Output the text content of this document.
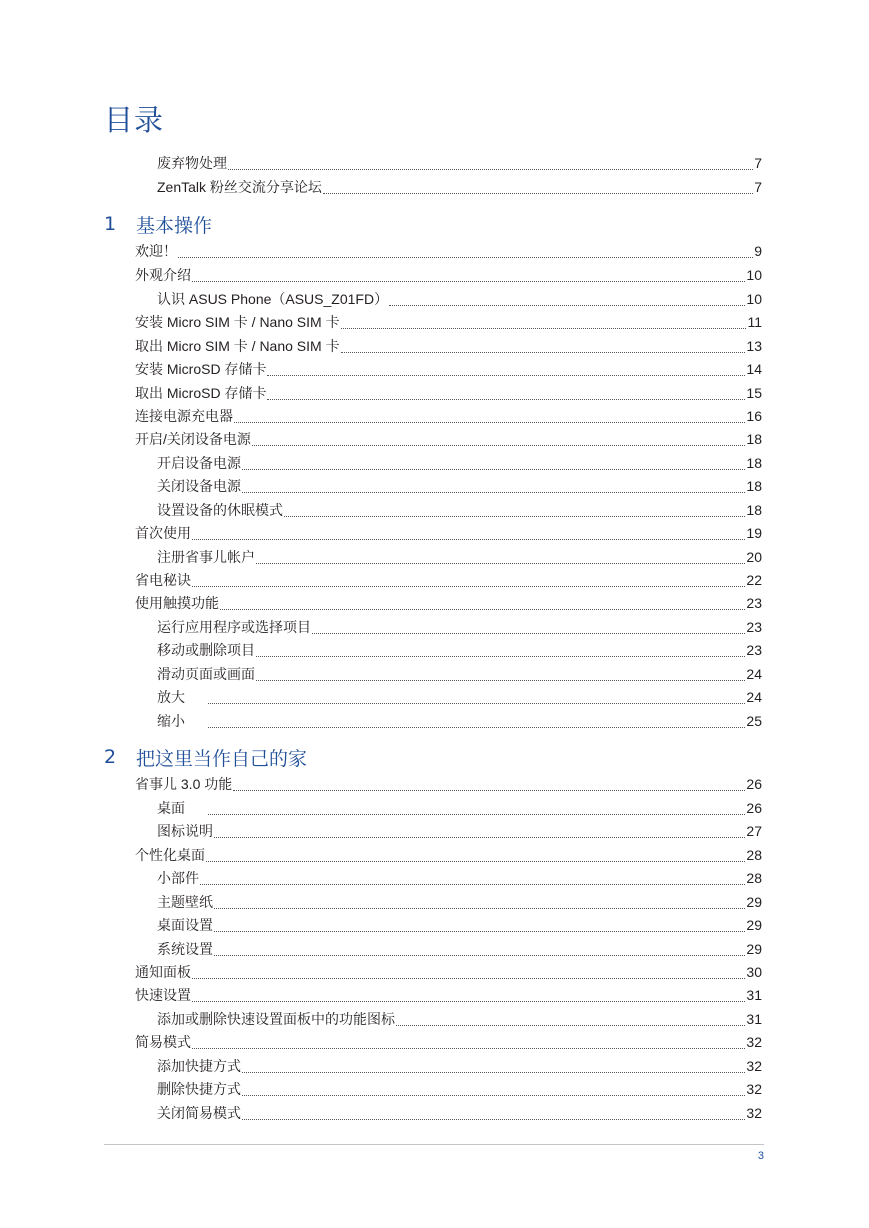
目录
废弃物处理	7
ZenTalk 粉丝交流分享论坛	7
1	基本操作
欢迎！	9
外观介绍	10
认识 ASUS Phone（ASUS_Z01FD）	10
安装 Micro SIM 卡 / Nano SIM 卡	11
取出 Micro SIM 卡 / Nano SIM 卡	13
安装 MicroSD 存储卡	14
取出 MicroSD 存储卡	15
连接电源充电器	16
开启/关闭设备电源	18
开启设备电源	18
关闭设备电源	18
设置设备的休眠模式	18
首次使用	19
注册省事儿帐户	20
省电秘诀	22
使用触摸功能	23
运行应用程序或选择项目	23
移动或删除项目	23
滑动页面或画面	24
放大	24
缩小	25
2	把这里当作自己的家
省事儿 3.0 功能	26
桌面	26
图标说明	27
个性化桌面	28
小部件	28
主题壁纸	29
桌面设置	29
系统设置	29
通知面板	30
快速设置	31
添加或删除快速设置面板中的功能图标	31
简易模式	32
添加快捷方式	32
删除快捷方式	32
关闭简易模式	32
3
